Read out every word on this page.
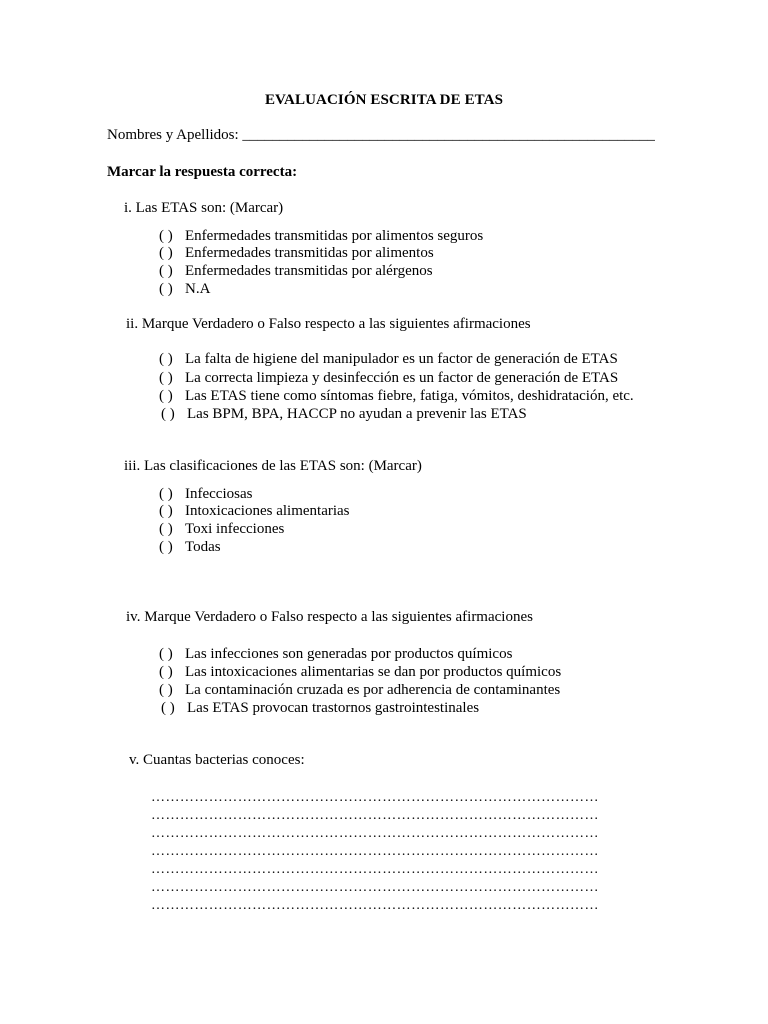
EVALUACIÓN ESCRITA DE ETAS
Nombres y Apellidos: _______________________________________________________
Marcar la respuesta correcta:
i. Las ETAS son: (Marcar)
( ) Enfermedades transmitidas por alimentos seguros
( ) Enfermedades transmitidas por alimentos
( ) Enfermedades transmitidas por alérgenos
( ) N.A
ii. Marque Verdadero o Falso respecto a las siguientes afirmaciones
( ) La falta de higiene del manipulador es un factor de generación de ETAS
( ) La correcta limpieza y desinfección es un factor de generación de ETAS
( ) Las ETAS tiene como síntomas fiebre, fatiga, vómitos, deshidratación, etc.
( ) Las BPM, BPA, HACCP no ayudan a prevenir las ETAS
iii. Las clasificaciones de las ETAS son: (Marcar)
( ) Infecciosas
( ) Intoxicaciones alimentarias
( ) Toxi infecciones
( ) Todas
iv. Marque Verdadero o Falso respecto a las siguientes afirmaciones
( ) Las infecciones son generadas por productos químicos
( ) Las intoxicaciones alimentarias se dan por productos químicos
( ) La contaminación cruzada es por adherencia de contaminantes
( ) Las ETAS provocan trastornos gastrointestinales
v. Cuantas bacterias conoces:
…………………………………………………………………………………
…………………………………………………………………………………
…………………………………………………………………………………
…………………………………………………………………………………
…………………………………………………………………………………
…………………………………………………………………………………
…………………………………………………………………………………
